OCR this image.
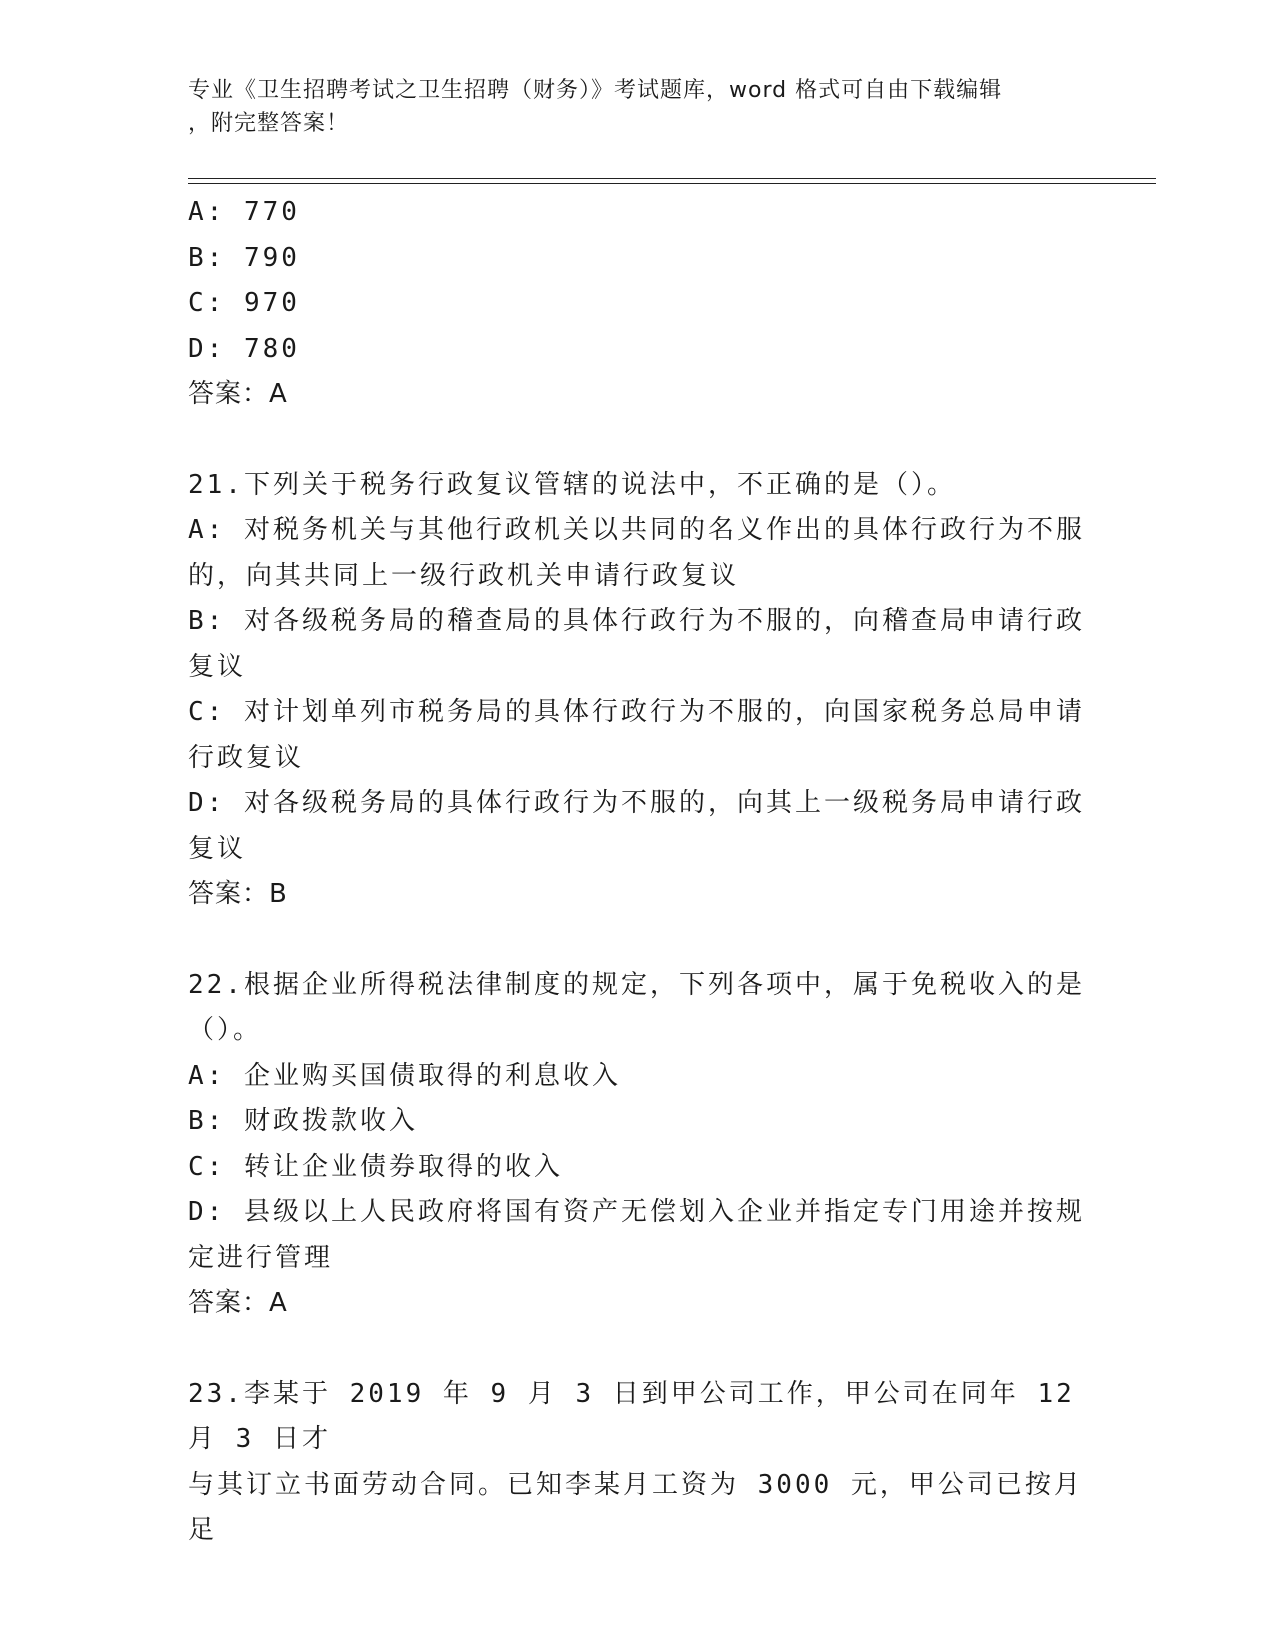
专业《卫生招聘考试之卫生招聘（财务）》考试题库，word 格式可自由下载编辑
，附完整答案！

A: 770

B: 790

C: 970

D: 780

答案：A

21.下列关于税务行政复议管辖的说法中，不正确的是（）。

A: 对税务机关与其他行政机关以共同的名义作出的具体行政行为不服

的，向其共同上一级行政机关申请行政复议

B: 对各级税务局的稽查局的具体行政行为不服的，向稽查局申请行政

复议

C: 对计划单列市税务局的具体行政行为不服的，向国家税务总局申请

行政复议

D: 对各级税务局的具体行政行为不服的，向其上一级税务局申请行政

复议

答案：B

22.根据企业所得税法律制度的规定，下列各项中，属于免税收入的是

（）。

A: 企业购买国债取得的利息收入

B: 财政拨款收入

C: 转让企业债券取得的收入

D: 县级以上人民政府将国有资产无偿划入企业并指定专门用途并按规

定进行管理

答案：A

23.李某于 2019 年 9 月 3 日到甲公司工作，甲公司在同年 12 月 3 日才

与其订立书面劳动合同。已知李某月工资为 3000 元，甲公司已按月足
